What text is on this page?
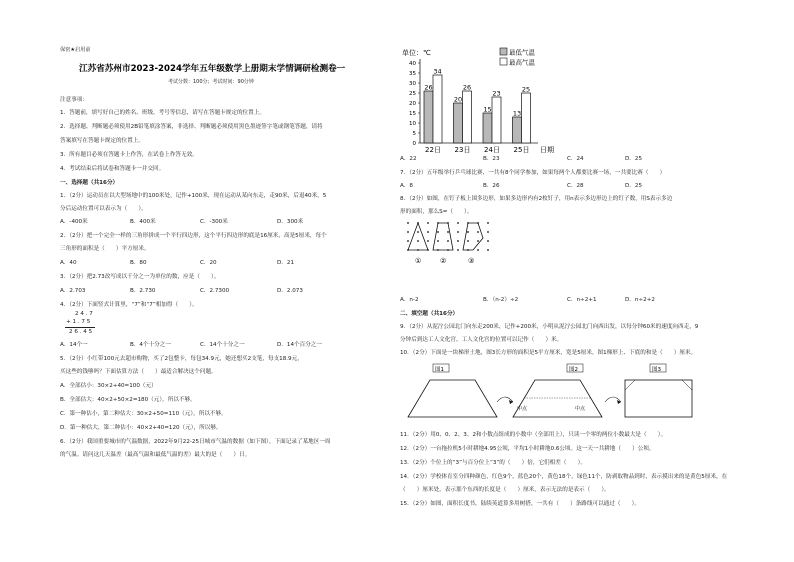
保密★启用前
江苏省苏州市2023-2024学年五年级数学上册期末学情调研检测卷一
考试分数：100分；考试时间：90分钟
注意事项：
1．答题前，填写好自己的姓名、班级、考号等信息，请写在答题卡规定的位置上。
2．选择题、判断题必须使用2B铅笔填涂答案，非选择、判断题必须使用黑色墨迹签字笔或钢笔答题，请将
答案填写在答题卡规定的位置上。
3．所有题目必须在答题卡上作答，在试卷上作答无效。
4．考试结束后将试卷和答题卡一并交回。
一、选择题（共16分）
1．（2分）运动员在以大型场地中的100米处，记作+100米，现在运动从某向东走，走90米，后退40米，5
分后运动位置可以表示为（　　）。
A．-400米	B．400米	C．-300米	D．300米
2．（2分）把一个完全一样的三角形拼成一个平行四边形，这个平行四边形的底是16厘米，高是5厘米，每个
三角形的面积是（　　）平方厘米。
A．40	B．80	C．20	D．21
3．（2分）把2.73改写成以千分之一为单位的数，应是（　　）。
A．2.703	B．2.730	C．2.7300	D．2.073
4．（2分）下面竖式计算里，“7”和“7”相加得（　　）。
2 4 . 7
+ 1 . 7 5
2 6 . 4 5
A．14个一	B．4个十分之一	C．14个十分之一	D．14个百分之一
5．（2分）小红带100元去超市购物，买了2包整卡，每包34.9元，她还想买2支笔，每支18.9元，
买这些的钱够吗？下面估算方法（　　）最适合解决这个问题。
A．全部估小：30×2+40=100（元）
B．全部估大：40×2+50×2=180（元），所以不够。
C．第一种估小，第二种估大：30×2+50=110（元），所以不够。
D．第一种估大，第二种估小：40×2+40=120（元），所以够。
6．（2分）我国重要城市的气温数据，2022年9月22-25日城市气温的数据（如下图），下面记录了某地区一周
的气温。请问这几天温差（最高气温和最低气温的差）最大的是（　　）日。
单位：℃
0
5
10
15
20
25
30
35
40
26
34
22日
20
26
23日
15
23
24日
13
25
25日 日期
最低气温
最高气温
A．22	B．23	C．24	D．25
7．（2分）五年级举行乒乓球比赛，一共有8个同学参加，如果每两个人都要比赛一场，一共要比赛（　　）
A．8	B．26	C．28	D．25
8．（2分）如图，在钉子板上围多边形，如果多边形内有2枚钉子，用n表示多边形边上的钉子数，用S表示多边
形的面积，那么S=（　　）。
①	②	③
A．n-2	B．（n-2）÷2	C．n÷2+1	D．n÷2+2
二、填空题（共16分）
9．（2分）从泥泞公园北门向东走200米，记作+200米，小明从泥泞公园北门向西出发，以每分钟60米的速度向西走，9
分钟后到达工人文化宫，工人文化宫的位置可以记作（　　）米。
10．（2分）下面是一块梯形土地，图3长方形的面积是5平方厘米，宽是5厘米，图1梯形上、下底的和是（　　）厘米。
图1	图2
中点	中点
图3
11．（2分）用0、0、2、3、2和小数点组成的小数中（全部用上），只读一个零的两位小数最大是（　　）。
12．（2分）一台拖拉机5小时耕地4.95公顷，平均1小时耕地0.6公顷。这一天一共耕地（　　）公顷。
13．（2分）个位上的“3”与百分位上“3”的（　　）倍，它们相差（　　）。
14．（2分）学校体育室分四种颜色，红色9个，蓝色20个，黄色18个，绿色11个，防剥取物品到时，表示摸出来的是黄色5厘米，在
（　　）厘米处，表示那个东西的长度是（　　）厘米，表示无法的是表示（　　）。
15．（2分）如图，面积长度书，陆续英道算多用树搭，一共有（　　）条路线可以通过（　　）。
